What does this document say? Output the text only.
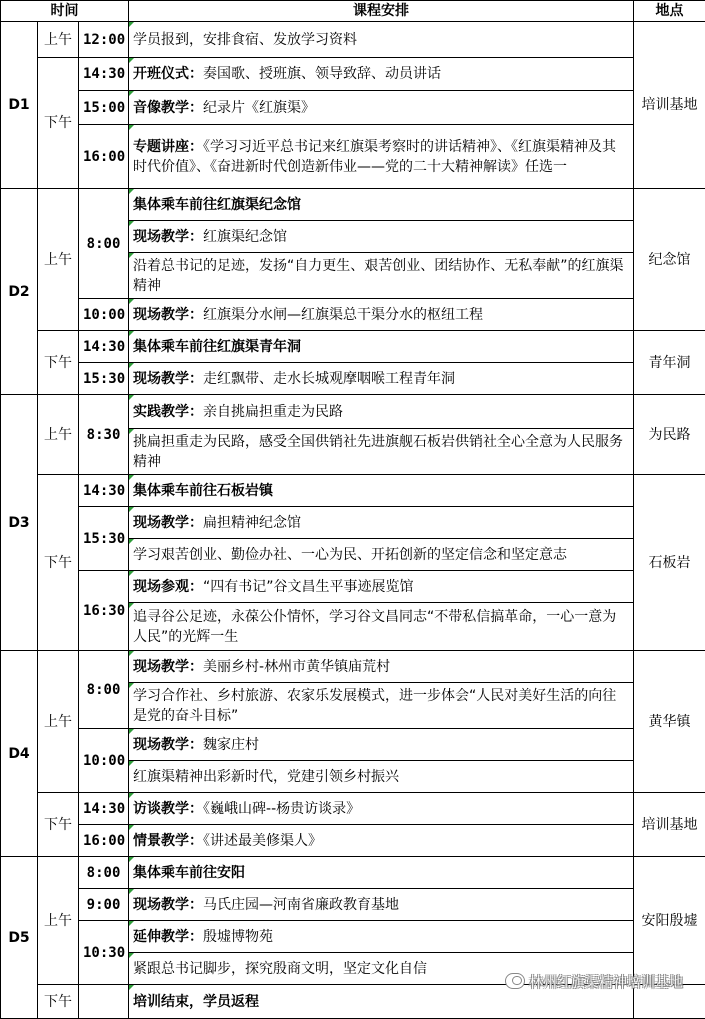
时间			课程安排	地点
D1	上午	12:00	学员报到，安排食宿、发放学习资料	培训基地
	下午	14:30	开班仪式：奏国歌、授班旗、领导致辞、动员讲话	
		15:00	音像教学：纪录片《红旗渠》	
		16:00	专题讲座：《学习习近平总书记来红旗渠考察时的讲话精神》、《红旗渠精神及其时代价值》、《奋进新时代创造新伟业——党的二十大精神解读》任选一	
D2	上午	8:00	集体乘车前往红旗渠纪念馆	纪念馆
			现场教学：红旗渠纪念馆	
			沿着总书记的足迹，发扬“自力更生、艰苦创业、团结协作、无私奉献”的红旗渠精神	
		10:00	现场教学：红旗渠分水闸—红旗渠总干渠分水的枢纽工程	
	下午	14:30	集体乘车前往红旗渠青年洞	青年洞
		15:30	现场教学：走红飘带、走水长城观摩咽喉工程青年洞	
D3	上午	8:30	实践教学：亲自挑扁担重走为民路	为民路
			挑扁担重走为民路，感受全国供销社先进旗舰石板岩供销社全心全意为人民服务精神	
	下午	14:30	集体乘车前往石板岩镇	石板岩
		15:30	现场教学：扁担精神纪念馆	
			学习艰苦创业、勤俭办社、一心为民、开拓创新的坚定信念和坚定意志	
		16:30	现场参观：“四有书记”谷文昌生平事迹展览馆	
			追寻谷公足迹，永葆公仆情怀，学习谷文昌同志“不带私信搞革命，一心一意为人民”的光辉一生	
D4	上午	8:00	现场教学：美丽乡村-林州市黄华镇庙荒村	黄华镇
			学习合作社、乡村旅游、农家乐发展模式，进一步体会“人民对美好生活的向往是党的奋斗目标”	
		10:00	现场教学：魏家庄村	
			红旗渠精神出彩新时代，党建引领乡村振兴	
	下午	14:30	访谈教学：《巍峨山碑--杨贵访谈录》	培训基地
		16:00	情景教学：《讲述最美修渠人》	
D5	上午	8:00	集体乘车前往安阳	安阳殷墟
		9:00	现场教学：马氏庄园—河南省廉政教育基地	
		10:30	延伸教学：殷墟博物苑	
			紧跟总书记脚步，探究殷商文明，坚定文化自信	
	下午		培训结束，学员返程	
林州红旗渠精神培训基地
